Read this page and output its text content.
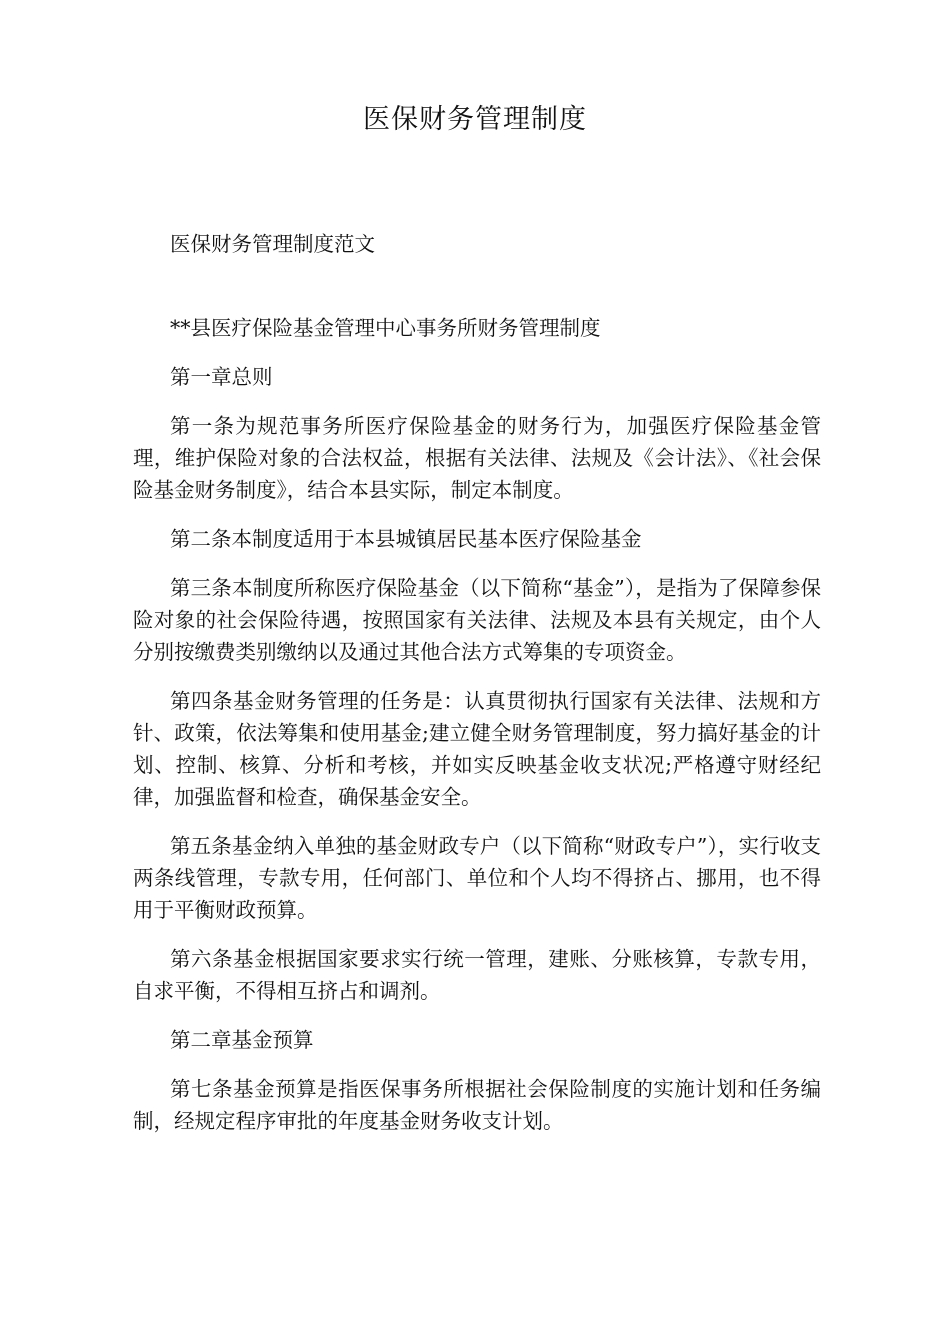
医保财务管理制度

医保财务管理制度范文

**县医疗保险基金管理中心事务所财务管理制度

第一章总则

第一条为规范事务所医疗保险基金的财务行为，加强医疗保险基金管理，维护保险对象的合法权益，根据有关法律、法规及《会计法》、《社会保险基金财务制度》，结合本县实际，制定本制度。

第二条本制度适用于本县城镇居民基本医疗保险基金

第三条本制度所称医疗保险基金（以下简称“基金”），是指为了保障参保险对象的社会保险待遇，按照国家有关法律、法规及本县有关规定，由个人分别按缴费类别缴纳以及通过其他合法方式筹集的专项资金。

第四条基金财务管理的任务是：认真贯彻执行国家有关法律、法规和方针、政策，依法筹集和使用基金;建立健全财务管理制度，努力搞好基金的计划、控制、核算、分析和考核，并如实反映基金收支状况;严格遵守财经纪律，加强监督和检查，确保基金安全。

第五条基金纳入单独的基金财政专户（以下简称“财政专户”），实行收支两条线管理，专款专用，任何部门、单位和个人均不得挤占、挪用，也不得用于平衡财政预算。

第六条基金根据国家要求实行统一管理，建账、分账核算，专款专用，自求平衡，不得相互挤占和调剂。

第二章基金预算

第七条基金预算是指医保事务所根据社会保险制度的实施计划和任务编制，经规定程序审批的年度基金财务收支计划。
